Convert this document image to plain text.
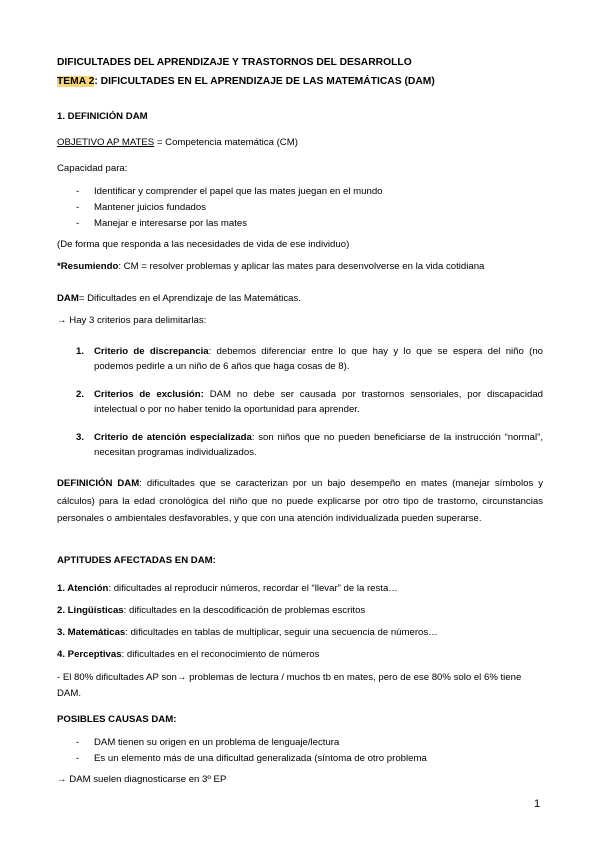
DIFICULTADES DEL APRENDIZAJE Y TRASTORNOS DEL DESARROLLO
TEMA 2: DIFICULTADES EN EL APRENDIZAJE DE LAS MATEMÁTICAS (DAM)
1. DEFINICIÓN DAM
OBJETIVO AP MATES = Competencia matemática (CM)
Capacidad para:
- Identificar y comprender el papel que las mates juegan en el mundo
- Mantener juicios fundados
- Manejar e interesarse por las mates
(De forma que responda a las necesidades de vida de ese individuo)
*Resumiendo: CM = resolver problemas y aplicar las mates para desenvolverse en la vida cotidiana
DAM= Dificultades en el Aprendizaje de las Matemáticas.
→ Hay 3 criterios para delimitarlas:
1. Criterio de discrepancia: debemos diferenciar entre lo que hay y lo que se espera del niño (no podemos pedirle a un niño de 6 años que haga cosas de 8).
2. Criterios de exclusión: DAM no debe ser causada por trastornos sensoriales, por discapacidad intelectual o por no haber tenido la oportunidad para aprender.
3. Criterio de atención especializada: son niños que no pueden beneficiarse de la instrucción “normal”, necesitan programas individualizados.
DEFINICIÓN DAM: dificultades que se caracterizan por un bajo desempeño en mates (manejar símbolos y cálculos) para la edad cronológica del niño que no puede explicarse por otro tipo de trastorno, circunstancias personales o ambientales desfavorables, y que con una atención individualizada pueden superarse.
APTITUDES AFECTADAS EN DAM:
1. Atención: dificultades al reproducir números, recordar el “llevar” de la resta…
2. Lingüísticas: dificultades en la descodificación de problemas escritos
3. Matemáticas: dificultades en tablas de multiplicar, seguir una secuencia de números…
4. Perceptivas: dificultades en el reconocimiento de números
- El 80% dificultades AP son→ problemas de lectura / muchos tb en mates, pero de ese 80% solo el 6% tiene DAM.
POSIBLES CAUSAS DAM:
- DAM tienen su origen en un problema de lenguaje/lectura
- Es un elemento más de una dificultad generalizada (síntoma de otro problema
→ DAM suelen diagnosticarse en 3º EP
1
